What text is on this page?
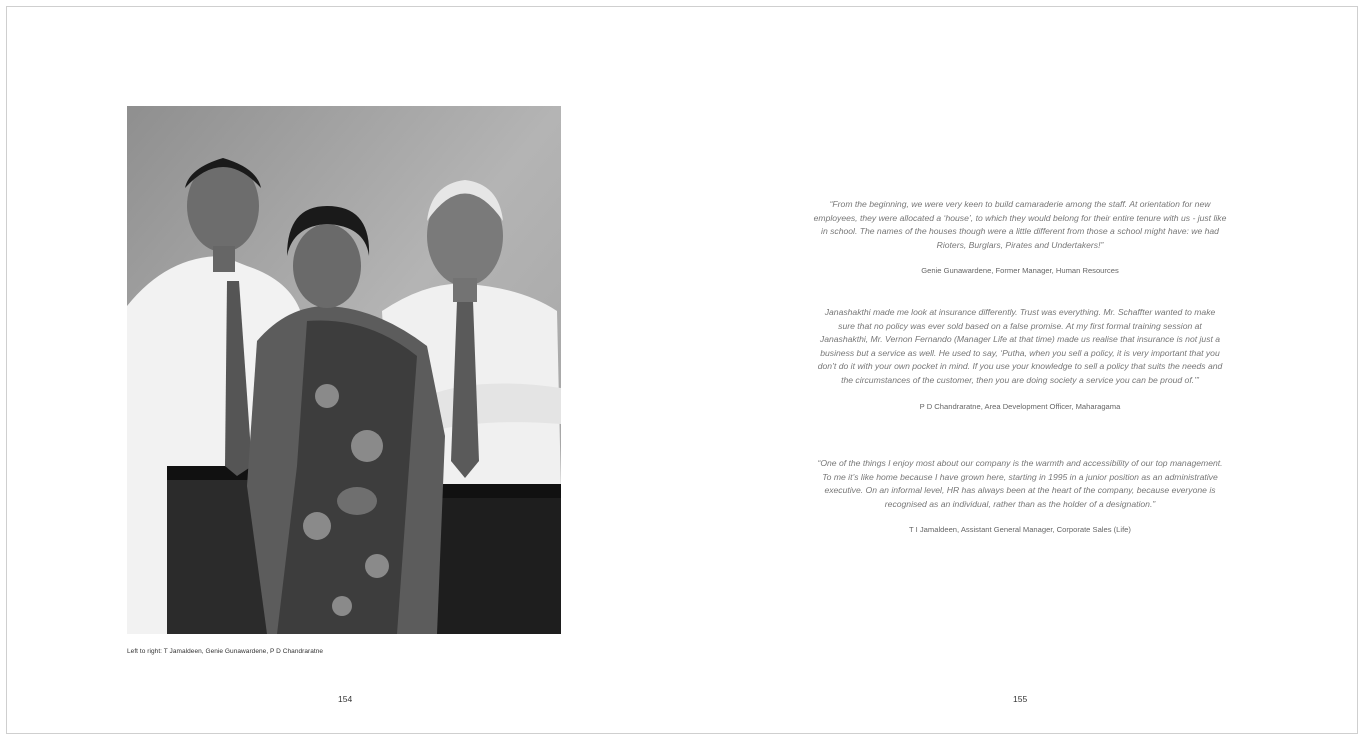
Left to right: T Jamaldeen, Genie Gunawardene, P D Chandraratne
154

“From the beginning, we were very keen to build camaraderie among the staff. At orientation for new employees, they were allocated a ‘house’, to which they would belong for their entire tenure with us - just like in school. The names of the houses though were a little different from those a school might have: we had Rioters, Burglars, Pirates and Undertakers!”

Genie Gunawardene, Former Manager, Human Resources

Janashakthi made me look at insurance differently. Trust was everything. Mr. Schaffter wanted to make sure that no policy was ever sold based on a false promise. At my first formal training session at Janashakthi, Mr. Vernon Fernando (Manager Life at that time) made us realise that insurance is not just a business but a service as well. He used to say, ‘Putha, when you sell a policy, it is very important that you don’t do it with your own pocket in mind. If you use your knowledge to sell a policy that suits the needs and the circumstances of the customer, then you are doing society a service you can be proud of.’”

P D Chandraratne, Area Development Officer, Maharagama

“One of the things I enjoy most about our company is the warmth and accessibility of our top management. To me it’s like home because I have grown here, starting in 1995 in a junior position as an administrative executive. On an informal level, HR has always been at the heart of the company, because everyone is recognised as an individual, rather than as the holder of a designation.”

T I Jamaldeen, Assistant General Manager, Corporate Sales (Life)
155
